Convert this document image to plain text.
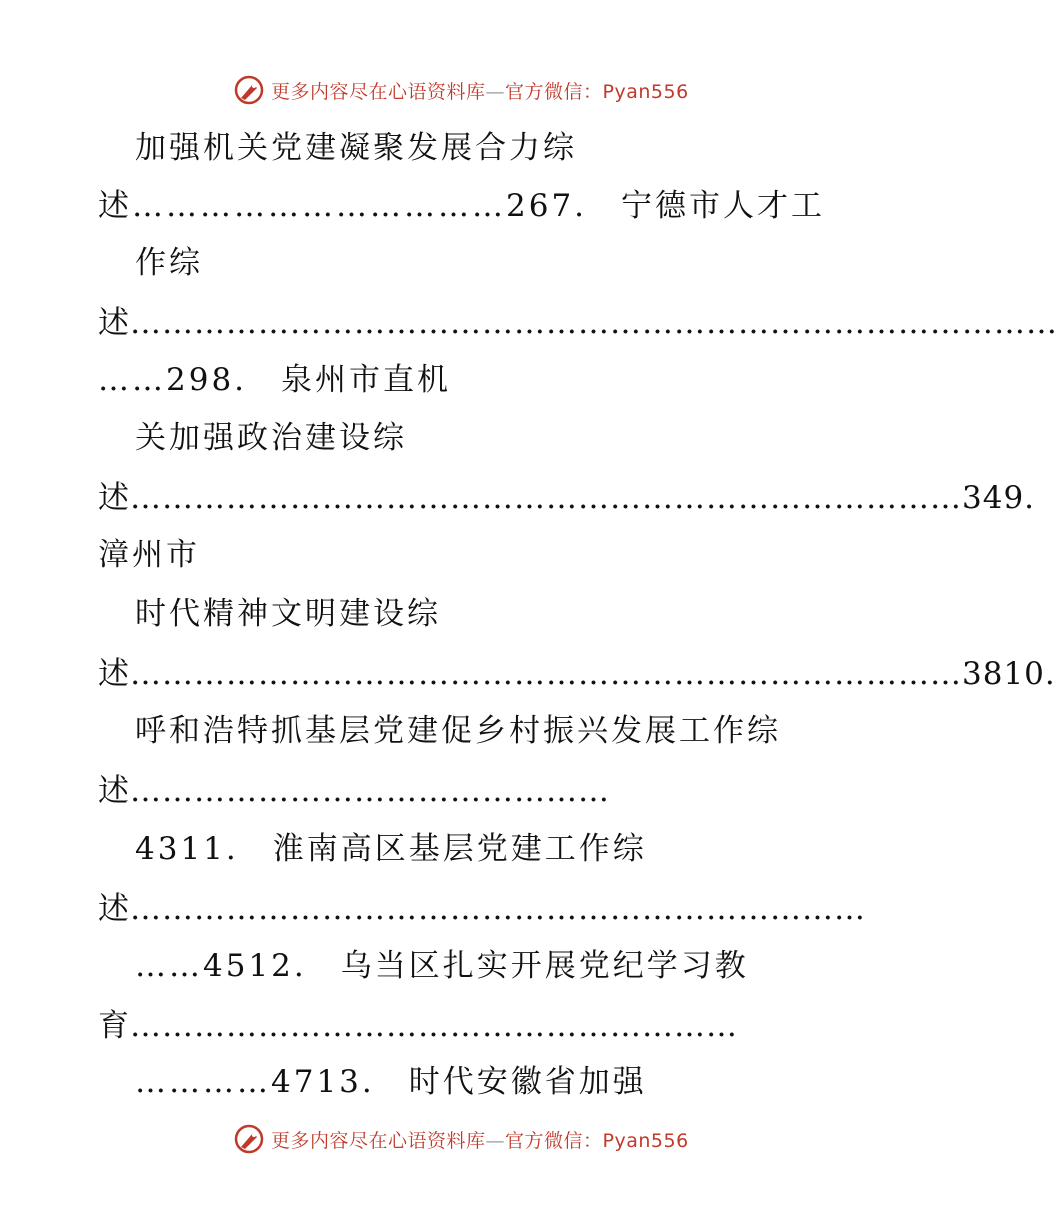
更多内容尽在心语资料库—官方微信：Pyan556
加强机关党建凝聚发展合力综
述……………………………267.　宁德市人才工
作综
述……………………………………………………………………………
……298.　泉州市直机
关加强政治建设综
述……………………………………………………………………349.
漳州市
时代精神文明建设综
述……………………………………………………………………3810.
呼和浩特抓基层党建促乡村振兴发展工作综
述………………………………………
4311.　淮南高区基层党建工作综
述……………………………………………………………
……4512.　乌当区扎实开展党纪学习教
育…………………………………………………
…………4713.　时代安徽省加强
更多内容尽在心语资料库—官方微信：Pyan556
